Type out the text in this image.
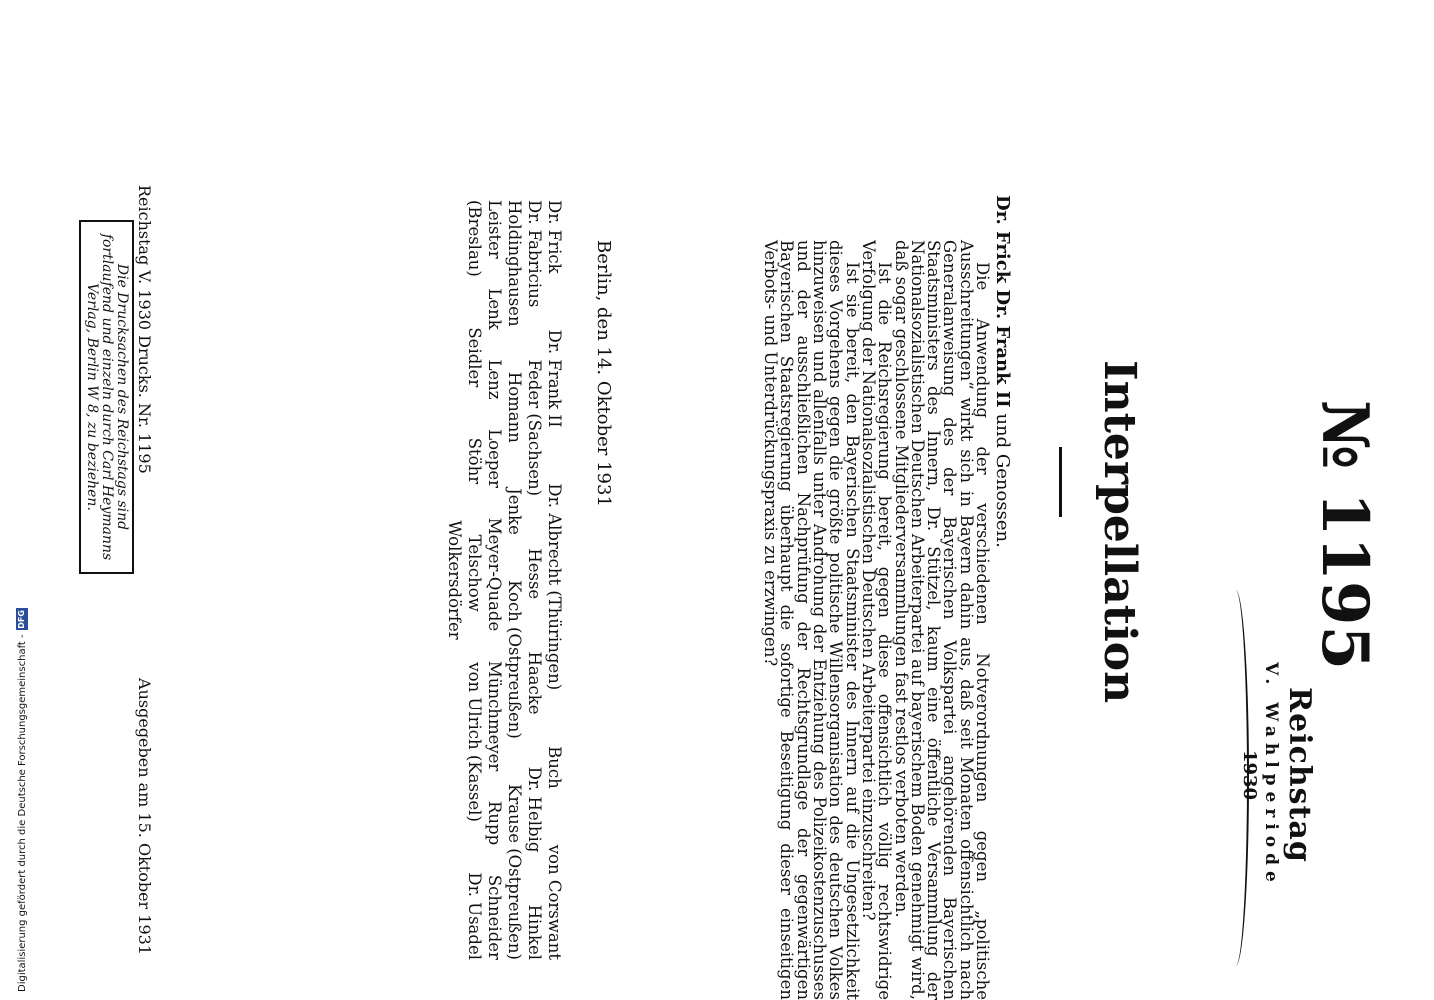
Reichstag
V. Wahlperiode
1930
№ 1195
Interpellation
Dr. Frick Dr. Frank II und Genossen.

Die Anwendung der verschiedenen Notverordnungen gegen „politische Ausschreitungen“ wirkt sich in Bayern dahin aus, daß seit Monaten offensichtlich nach Generalanweisung des der Bayerischen Volkspartei angehörenden Bayerischen Staatsministers des Innern, Dr. Stützel, kaum eine öffentliche Versammlung der Nationalsozialistischen Deutschen Arbeiterpartei auf bayerischem Boden genehmigt wird, daß sogar geschlossene Mitgliederversammlungen fast restlos verboten werden.

Ist die Reichsregierung bereit, gegen diese offensichtlich völlig rechtswidrige Verfolgung der Nationalsozialistischen Deutschen Arbeiterpartei einzuschreiten?

Ist sie bereit, den Bayerischen Staatsminister des Innern auf die Ungesetzlichkeit dieses Vorgehens gegen die größte politische Willensorganisation des deutschen Volkes hinzuweisen und allenfalls unter Androhung der Entziehung des Polizeikostenzuschusses und der ausschließlichen Nachprüfung der Rechtsgrundlage der gegenwärtigen Bayerischen Staatsregierung überhaupt die sofortige Beseitigung dieser einseitigen Verbots- und Unterdrückungspraxis zu erzwingen?

Berlin, den 14. Oktober 1931
Dr. Frick
Dr. Frank II
Dr. Albrecht (Thüringen)
Buch
von Corswant
Dr. Fabricius
Feder (Sachsen)
Hesse
Haacke
Dr. Helbig
Hinkel
Holdinghausen
Homann
Jenke
Koch (Ostpreußen)
Krause (Ostpreußen)
Leister
Lenk
Lenz
Loeper
Meyer-Quade
Münchmeyer
Rupp
Schneider
(Breslau)
Seidler
Stöhr
Telschow
von Ulrich (Kassel)
Dr. Usadel
Wolkersdörfer
Reichstag V. 1930 Drucks. Nr. 1195
Ausgegeben am 15. Oktober 1931
Die Drucksachen des Reichstags sind fortlaufend und einzeln durch Carl Heymanns Verlag, Berlin W 8, zu beziehen.
Digitalisierung gefördert durch die Deutsche Forschungsgemeinschaft -
DFG
